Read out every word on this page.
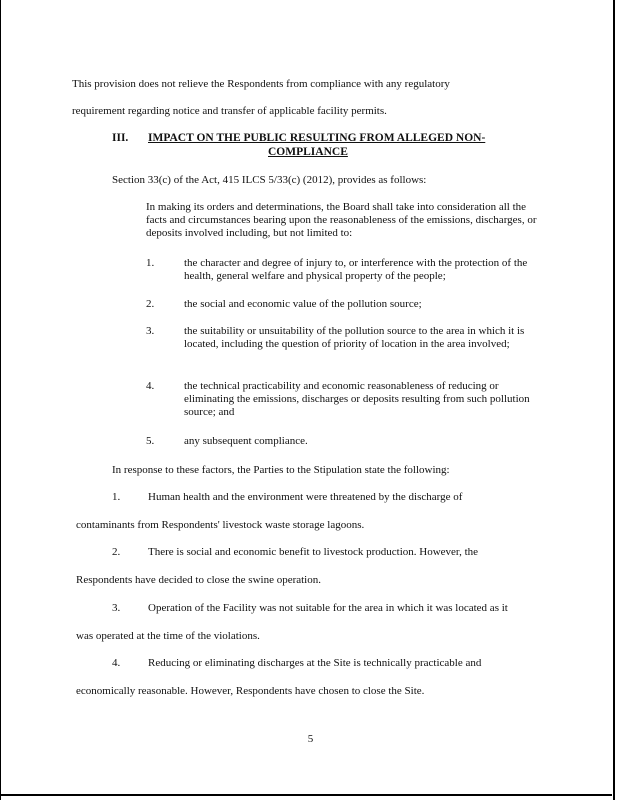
This provision does not relieve the Respondents from compliance with any regulatory
requirement regarding notice and transfer of applicable facility permits.
III. IMPACT ON THE PUBLIC RESULTING FROM ALLEGED NON-
COMPLIANCE
Section 33(c) of the Act, 415 ILCS 5/33(c) (2012), provides as follows:
In making its orders and determinations, the Board shall take into consideration all the facts and circumstances bearing upon the reasonableness of the emissions, discharges, or deposits involved including, but not limited to:
1.	the character and degree of injury to, or interference with the protection of the health, general welfare and physical property of the people;
2.	the social and economic value of the pollution source;
3.	the suitability or unsuitability of the pollution source to the area in which it is located, including the question of priority of location in the area involved;
4.	the technical practicability and economic reasonableness of reducing or eliminating the emissions, discharges or deposits resulting from such pollution source; and
5.	any subsequent compliance.
In response to these factors, the Parties to the Stipulation state the following:
1.	Human health and the environment were threatened by the discharge of
contaminants from Respondents' livestock waste storage lagoons.
2.	There is social and economic benefit to livestock production. However, the
Respondents have decided to close the swine operation.
3.	Operation of the Facility was not suitable for the area in which it was located as it
was operated at the time of the violations.
4.	Reducing or eliminating discharges at the Site is technically practicable and
economically reasonable. However, Respondents have chosen to close the Site.
5
